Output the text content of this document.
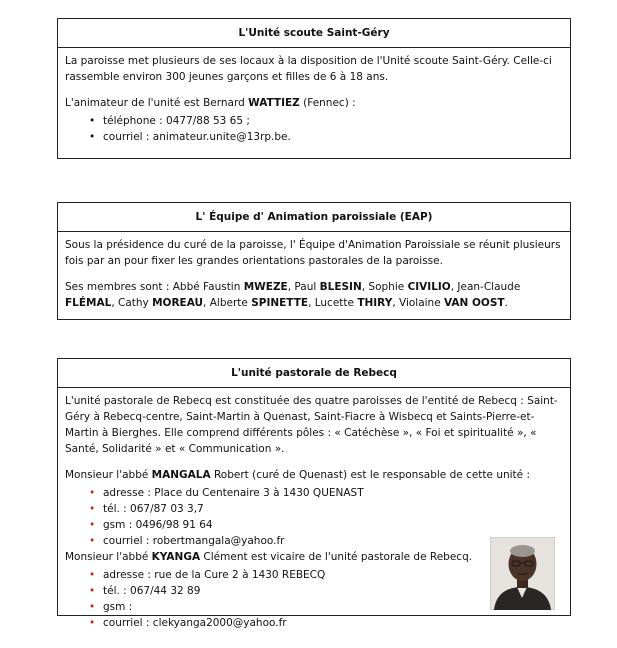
L'Unité scoute Saint-Géry

La paroisse met plusieurs de ses locaux à la disposition de l'Unité scoute Saint-Géry. Celle-ci rassemble environ 300 jeunes garçons et filles de 6 à 18 ans.

L'animateur de l'unité est Bernard WATTIEZ (Fennec) :

• téléphone : 0477/88 53 65 ;
• courriel : animateur.unite@13rp.be.
L' Équipe d' Animation paroissiale (EAP)

Sous la présidence du curé de la paroisse, l' Équipe d'Animation Paroissiale se réunit plusieurs fois par an pour fixer les grandes orientations pastorales de la paroisse.

Ses membres sont : Abbé Faustin MWEZE, Paul BLESIN, Sophie CIVILIO, Jean-Claude FLÉMAL, Cathy MOREAU, Alberte SPINETTE, Lucette THIRY, Violaine VAN OOST.

L'unité pastorale de Rebecq

L'unité pastorale de Rebecq est constituée des quatre paroisses de l'entité de Rebecq : Saint-Géry à Rebecq-centre, Saint-Martin à Quenast, Saint-Fiacre à Wisbecq et Saints-Pierre-et-Martin à Bierghes. Elle comprend différents pôles : « Catéchèse », « Foi et spiritualité », « Santé, Solidarité » et « Communication ».

Monsieur l'abbé MANGALA Robert (curé de Quenast) est le responsable de cette unité :

• adresse : Place du Centenaire 3 à 1430 QUENAST
• tél. : 067/87 03 3,7
• gsm : 0496/98 91 64
• courriel : robertmangala@yahoo.fr

Monsieur l'abbé KYANGA Clément est vicaire de l'unité pastorale de Rebecq.

• adresse : rue de la Cure 2 à 1430 REBECQ
• tél. : 067/44 32 89
• gsm :
• courriel : clekyanga2000@yahoo.fr
